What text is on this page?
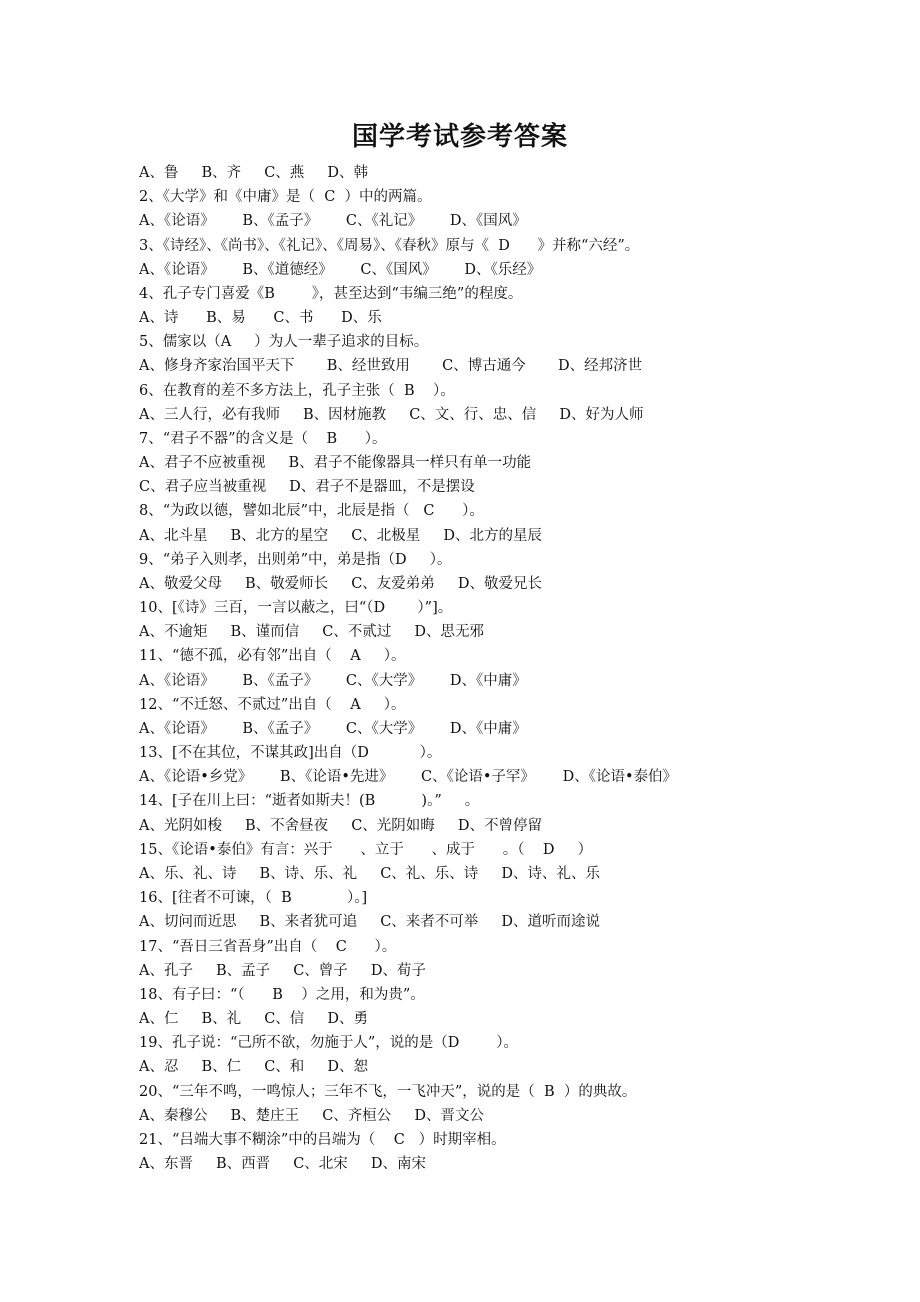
国学考试参考答案
A、鲁     B、齐     C、燕     D、韩
2、《大学》和《中庸》是（  C  ）中的两篇。
A、《论语》      B、《孟子》      C、《礼记》      D、《国风》
3、《诗经》、《尚书》、《礼记》、《周易》、《春秋》原与《  D      》并称“六经”。
A、《论语》      B、《道德经》      C、《国风》      D、《乐经》
4、孔子专门喜爱《B        》，甚至达到“韦编三绝”的程度。
A、诗      B、易      C、书      D、乐
5、儒家以（A     ）为人一辈子追求的目标。
A、修身齐家治国平天下       B、经世致用       C、博古通今       D、经邦济世
6、在教育的差不多方法上，孔子主张（  B    ）。
A、三人行，必有我师     B、因材施教     C、文、行、忠、信     D、好为人师
7、“君子不器”的含义是（    B      ）。
A、君子不应被重视     B、君子不能像器具一样只有单一功能
C、君子应当被重视     D、君子不是器皿，不是摆设
8、“为政以德，譬如北辰”中，北辰是指（   C      ）。
A、北斗星     B、北方的星空     C、北极星     D、北方的星辰
9、“弟子入则孝，出则弟”中，弟是指（D     ）。
A、敬爱父母     B、敬爱师长     C、友爱弟弟     D、敬爱兄长
10、[《诗》三百，一言以蔽之，曰“（D       ）”]。
A、不逾矩     B、谨而信     C、不贰过     D、思无邪
11、“德不孤，必有邻”出自（    A     ）。
A、《论语》      B、《孟子》      C、《大学》      D、《中庸》
12、“不迁怒、不贰过”出自（    A     ）。
A、《论语》      B、《孟子》      C、《大学》      D、《中庸》
13、[不在其位，不谋其政]出自（D           ）。
A、《论语•乡党》      B、《论语•先进》      C、《论语•子罕》      D、《论语•泰伯》
14、[子在川上曰：“逝者如斯夫！(B          )。”     。
A、光阴如梭     B、不舍昼夜     C、光阴如晦     D、不曾停留
15、《论语•泰伯》有言：兴于      、立于      、成于      。（    D     ）
A、乐、礼、诗     B、诗、乐、礼     C、礼、乐、诗     D、诗、礼、乐
16、[往者不可谏，（  B            ）。]
A、切问而近思     B、来者犹可追     C、来者不可举     D、道听而途说
17、“吾日三省吾身”出自（    C      ）。
A、孔子     B、孟子     C、曾子     D、荀子
18、有子曰：“（      B    ）之用，和为贵”。
A、仁     B、礼     C、信     D、勇
19、孔子说：“己所不欲，勿施于人”，说的是（D        ）。
A、忍     B、仁     C、和     D、恕
20、“三年不鸣，一鸣惊人；三年不飞，一飞冲天”，说的是（  B  ）的典故。
A、秦穆公     B、楚庄王     C、齐桓公     D、晋文公
21、“吕端大事不糊涂”中的吕端为（    C   ）时期宰相。
A、东晋     B、西晋     C、北宋     D、南宋
